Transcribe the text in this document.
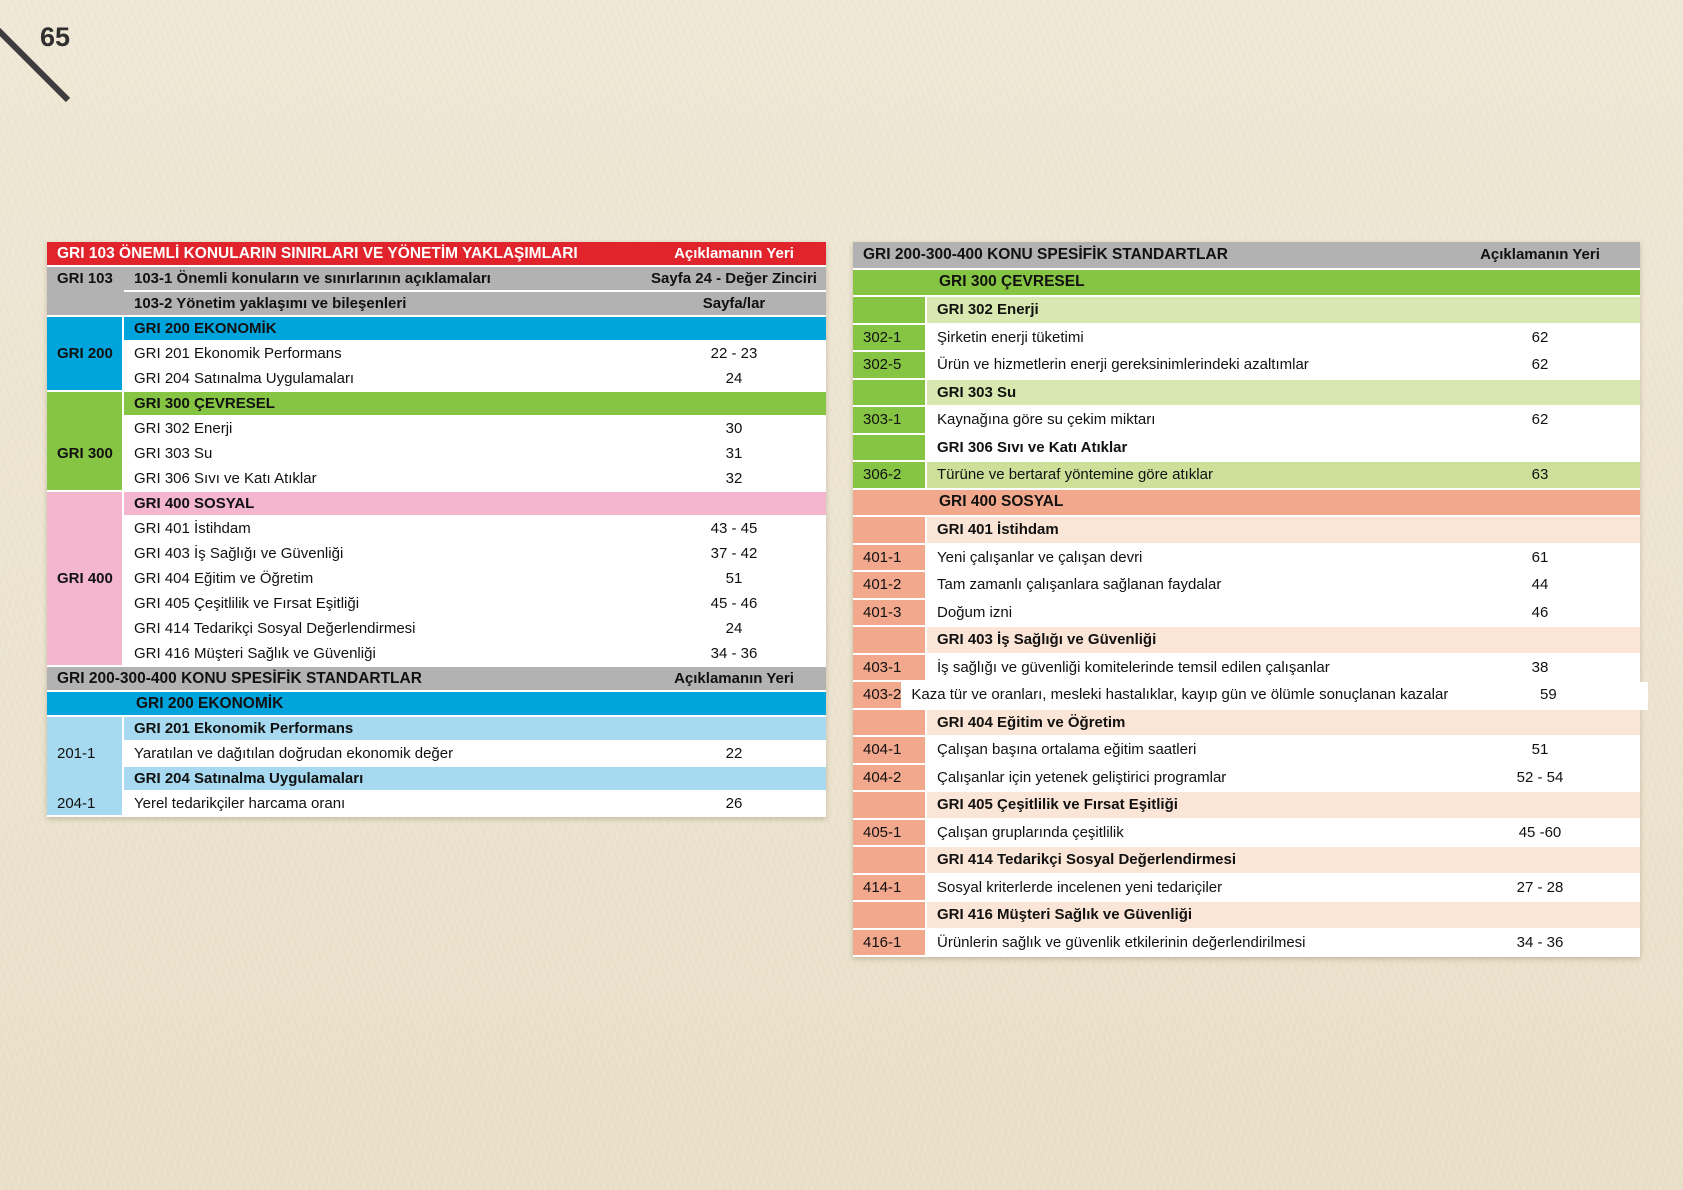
65
GRI 103 ÖNEMLİ KONULARIN SINIRLARI VE YÖNETİM YAKLAŞIMLARI	Açıklamanın Yeri
GRI 103	103-1 Önemli konuların ve sınırlarının açıklamaları	Sayfa 24 - Değer Zinciri
103-2 Yönetim yaklaşımı ve bileşenleri	Sayfa/lar
GRI 200 EKONOMİK
GRI 200	GRI 201 Ekonomik Performans	22 - 23
GRI 204 Satınalma Uygulamaları	24
GRI 300 ÇEVRESEL
GRI 302 Enerji	30
GRI 300	GRI 303 Su	31
GRI 306 Sıvı ve Katı Atıklar	32
GRI 400 SOSYAL
GRI 401 İstihdam	43 - 45
GRI 403 İş Sağlığı ve Güvenliği	37 - 42
GRI 400	GRI 404 Eğitim ve Öğretim	51
GRI 405 Çeşitlilik ve Fırsat Eşitliği	45 - 46
GRI 414 Tedarikçi Sosyal Değerlendirmesi	24
GRI 416 Müşteri Sağlık ve Güvenliği	34 - 36
GRI 200-300-400 KONU SPESİFİK STANDARTLAR	Açıklamanın Yeri
GRI 200 EKONOMİK
GRI 201 Ekonomik Performans
201-1	Yaratılan ve dağıtılan doğrudan ekonomik değer	22
GRI 204 Satınalma Uygulamaları
204-1	Yerel tedarikçiler harcama oranı	26
GRI 200-300-400 KONU SPESİFİK STANDARTLAR	Açıklamanın Yeri
GRI 300 ÇEVRESEL
GRI 302 Enerji
302-1	Şirketin enerji tüketimi	62
302-5	Ürün ve hizmetlerin enerji gereksinimlerindeki azaltımlar	62
GRI 303 Su
303-1	Kaynağına göre su çekim miktarı	62
GRI 306 Sıvı ve Katı Atıklar
306-2	Türüne ve bertaraf yöntemine göre atıklar	63
GRI 400 SOSYAL
GRI 401 İstihdam
401-1	Yeni çalışanlar ve çalışan devri	61
401-2	Tam zamanlı çalışanlara sağlanan faydalar	44
401-3	Doğum izni	46
GRI 403 İş Sağlığı ve Güvenliği
403-1	İş sağlığı ve güvenliği komitelerinde temsil edilen çalışanlar	38
403-2 Kaza tür ve oranları, mesleki hastalıklar, kayıp gün ve ölümle sonuçlanan kazalar	59
GRI 404 Eğitim ve Öğretim
404-1	Çalışan başına ortalama eğitim saatleri	51
404-2	Çalışanlar için yetenek geliştirici programlar	52 - 54
GRI 405 Çeşitlilik ve Fırsat Eşitliği
405-1	Çalışan gruplarında çeşitlilik	45 -60
GRI 414 Tedarikçi Sosyal Değerlendirmesi
414-1	Sosyal kriterlerde incelenen yeni tedariçiler	27 - 28
GRI 416 Müşteri Sağlık ve Güvenliği
416-1	Ürünlerin sağlık ve güvenlik etkilerinin değerlendirilmesi	34 - 36
